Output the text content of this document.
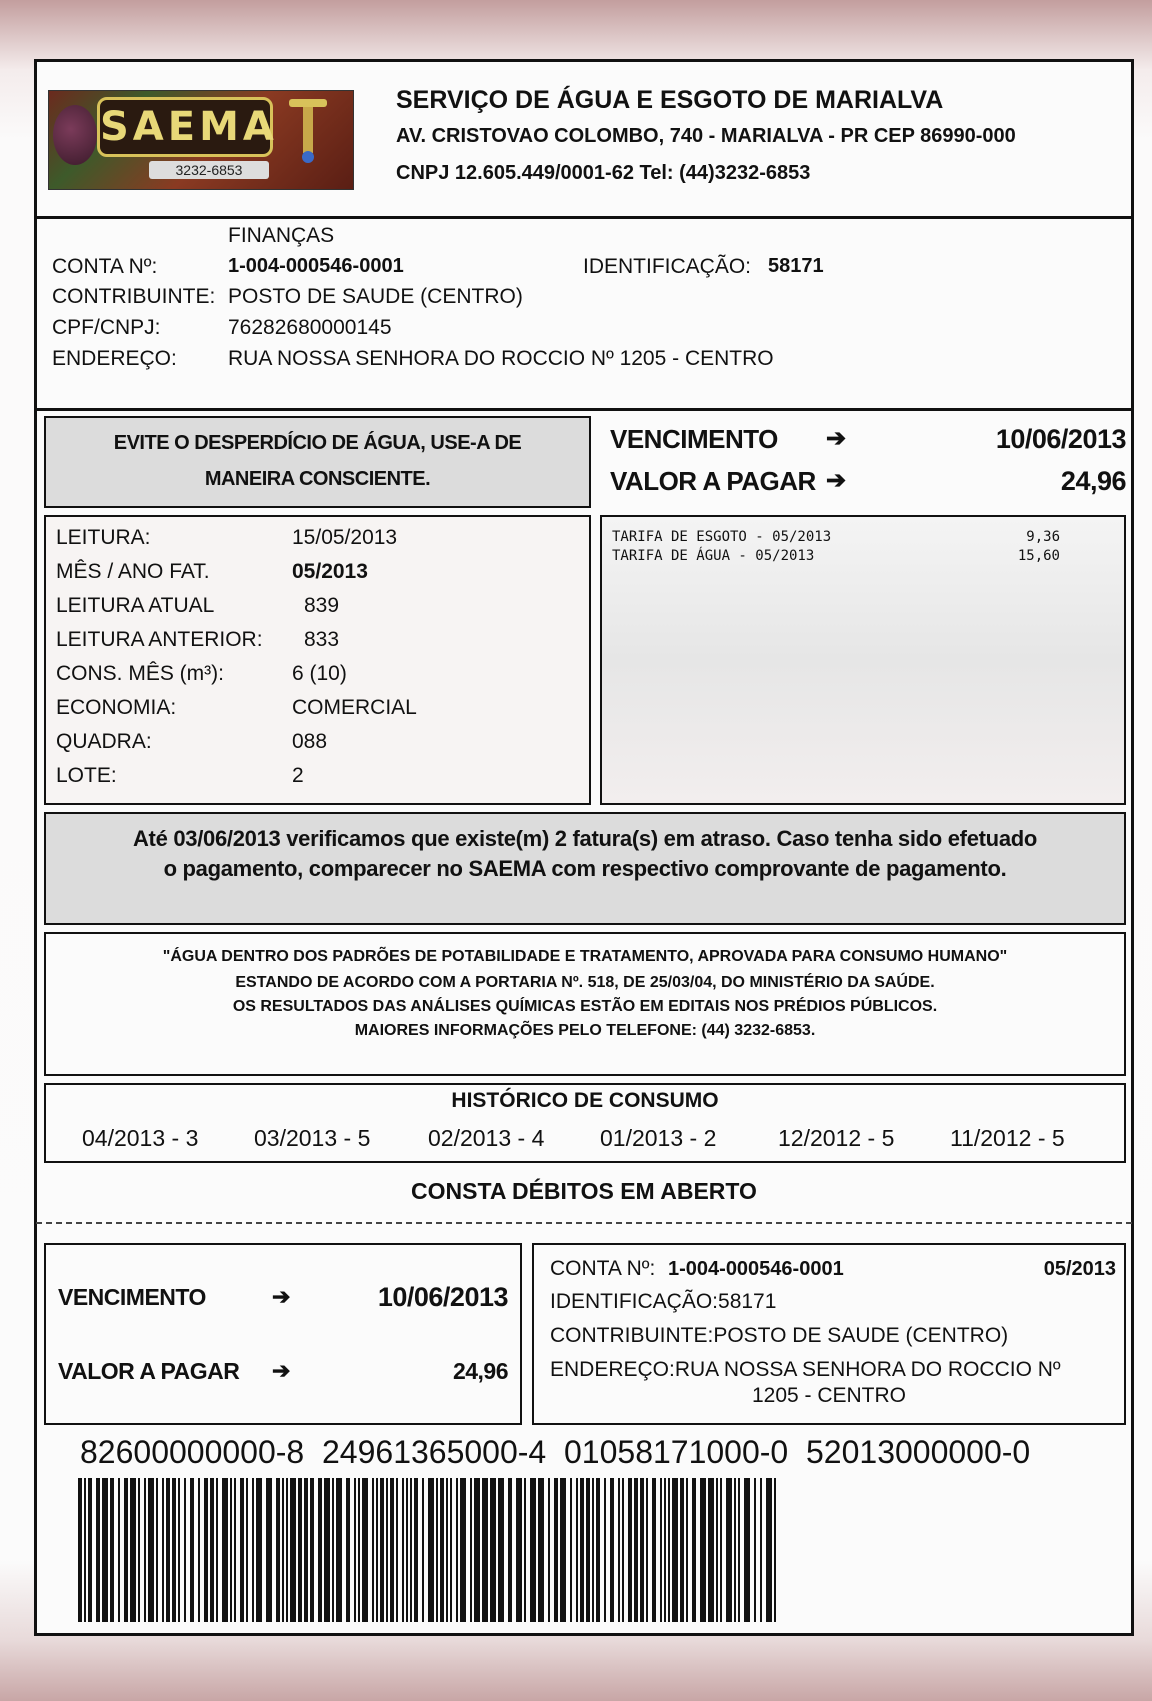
SAEMA
3232-6853
SERVIÇO DE ÁGUA E ESGOTO DE MARIALVA
AV. CRISTOVAO COLOMBO, 740 - MARIALVA - PR CEP 86990-000
CNPJ 12.605.449/0001-62 Tel: (44)3232-6853
FINANÇAS
CONTA Nº:	1-004-000546-0001	IDENTIFICAÇÃO: 58171
CONTRIBUINTE: POSTO DE SAUDE (CENTRO)
CPF/CNPJ:	76282680000145
ENDEREÇO: RUA NOSSA SENHORA DO ROCCIO Nº 1205 - CENTRO
EVITE O DESPERDÍCIO DE ÁGUA, USE-A DE
MANEIRA CONSCIENTE.
VENCIMENTO ➔	10/06/2013
VALOR A PAGAR ➔	24,96
LEITURA:	15/05/2013
MÊS / ANO FAT.	05/2013
LEITURA ATUAL	839
LEITURA ANTERIOR: 833
CONS. MÊS (m³):	6 (10)
ECONOMIA:	COMERCIAL
QUADRA:	088
LOTE:	2
TARIFA DE ESGOTO - 05/2013	9,36
TARIFA DE ÁGUA - 05/2013	15,60
Até 03/06/2013 verificamos que existe(m) 2 fatura(s) em atraso. Caso tenha sido efetuado
o pagamento, comparecer no SAEMA com respectivo comprovante de pagamento.
"ÁGUA DENTRO DOS PADRÕES DE POTABILIDADE E TRATAMENTO, APROVADA PARA CONSUMO HUMANO"
ESTANDO DE ACORDO COM A PORTARIA Nº. 518, DE 25/03/04, DO MINISTÉRIO DA SAÚDE.
OS RESULTADOS DAS ANÁLISES QUÍMICAS ESTÃO EM EDITAIS NOS PRÉDIOS PÚBLICOS.
MAIORES INFORMAÇÕES PELO TELEFONE: (44) 3232-6853.
HISTÓRICO DE CONSUMO
04/2013 - 3 03/2013 - 5	02/2013 - 4 01/2013 - 2	12/2012 - 5 11/2012 - 5
CONSTA DÉBITOS EM ABERTO
VENCIMENTO	➔	10/06/2013
VALOR A PAGAR ➔	24,96
CONTA Nº: 1-004-000546-0001	05/2013
IDENTIFICAÇÃO:58171
CONTRIBUINTE:POSTO DE SAUDE (CENTRO)
ENDEREÇO:RUA NOSSA SENHORA DO ROCCIO Nº
1205 - CENTRO
82600000000-8  24961365000-4  01058171000-0  52013000000-0
